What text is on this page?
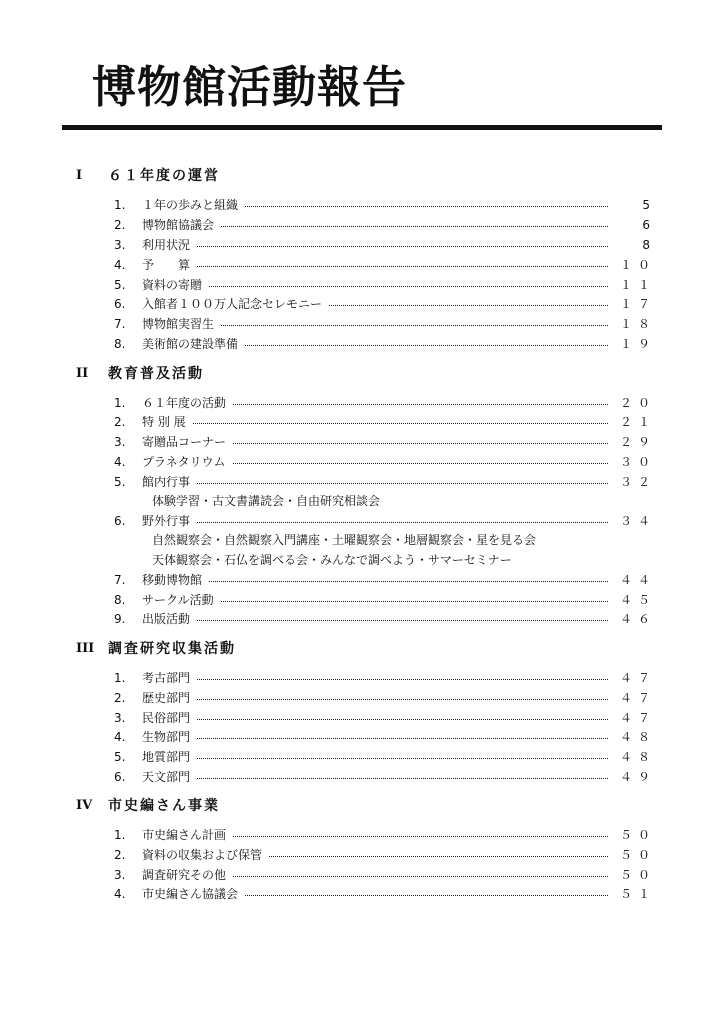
博物館活動報告
I	６１年度の運営
1.	１年の歩みと組織	5
2.	博物館協議会	6
3.	利用状況	8
4.	予　　算	１０
5.	資料の寄贈	１１
6.	入館者１００万人記念セレモニー	１７
7.	博物館実習生	１８
8.	美術館の建設準備	１９
II	教育普及活動
1.	６１年度の活動	２０
2.	特 別 展	２１
3.	寄贈品コーナー	２９
4.	プラネタリウム	３０
5.	館内行事	３２
体験学習・古文書講読会・自由研究相談会
6.	野外行事	３４
自然観察会・自然観察入門講座・土曜観察会・地層観察会・星を見る会
天体観察会・石仏を調べる会・みんなで調べよう・サマーセミナー
7.	移動博物館	４４
8.	サークル活動	４５
9.	出版活動	４６
III 調査研究収集活動
1.	考古部門	４７
2.	歴史部門	４７
3.	民俗部門	４７
4.	生物部門	４８
5.	地質部門	４８
6.	天文部門	４９
IV 市史編さん事業
1.	市史編さん計画	５０
2.	資料の収集および保管	５０
3.	調査研究その他	５０
4.	市史編さん協議会	５１
